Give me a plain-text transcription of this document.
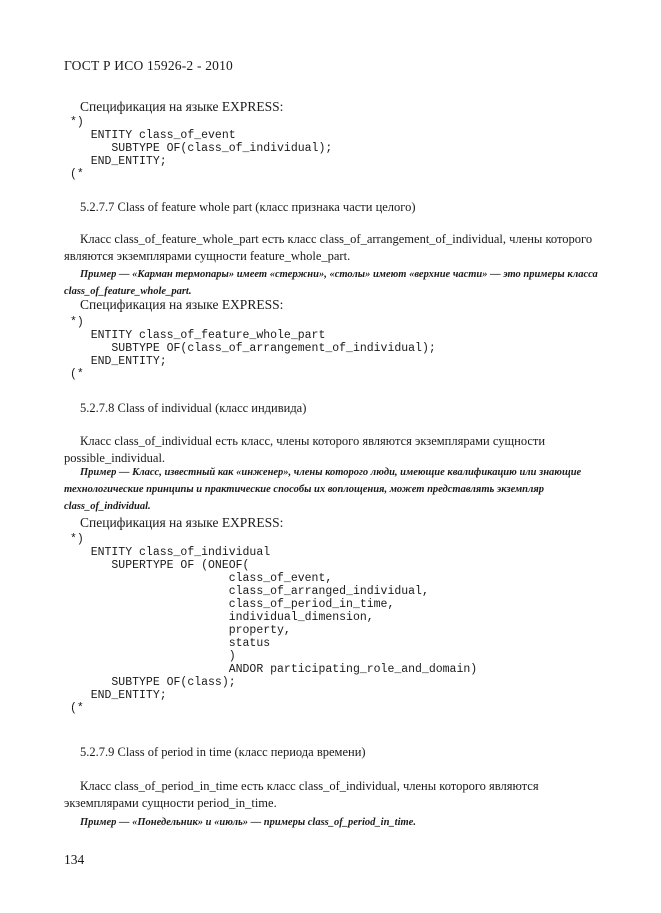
ГОСТ Р ИСО 15926-2 - 2010
Спецификация на языке EXPRESS:
*)
ENTITY class_of_event
SUBTYPE OF(class_of_individual);
END_ENTITY;
(*
5.2.7.7 Class of feature whole part (класс признака части целого)
Класс class_of_feature_whole_part есть класс class_of_arrangement_of_individual, члены которого являются экземплярами сущности feature_whole_part.
Пример — «Карман термопары» имеет «стержни», «столы» имеют «верхние части» — это примеры класса class_of_feature_whole_part.
Спецификация на языке EXPRESS:
*)
ENTITY class_of_feature_whole_part
SUBTYPE OF(class_of_arrangement_of_individual);
END_ENTITY;
(*
5.2.7.8 Class of individual (класс индивида)
Класс class_of_individual есть класс, члены которого являются экземплярами сущности possible_individual.
Пример — Класс, известный как «инженер», члены которого люди, имеющие квалификацию или знающие технологические принципы и практические способы их воплощения, может представлять экземпляр class_of_individual.
Спецификация на языке EXPRESS:
*)
ENTITY class_of_individual
SUPERTYPE OF (ONEOF(
class_of_event,
class_of_arranged_individual,
class_of_period_in_time,
individual_dimension,
property,
status
)
ANDOR participating_role_and_domain)
SUBTYPE OF(class);
END_ENTITY;
(*
5.2.7.9 Class of period in time (класс периода времени)
Класс class_of_period_in_time есть класс class_of_individual, члены которого являются экземплярами сущности period_in_time.
Пример — «Понедельник» и «июль» — примеры class_of_period_in_time.
134
